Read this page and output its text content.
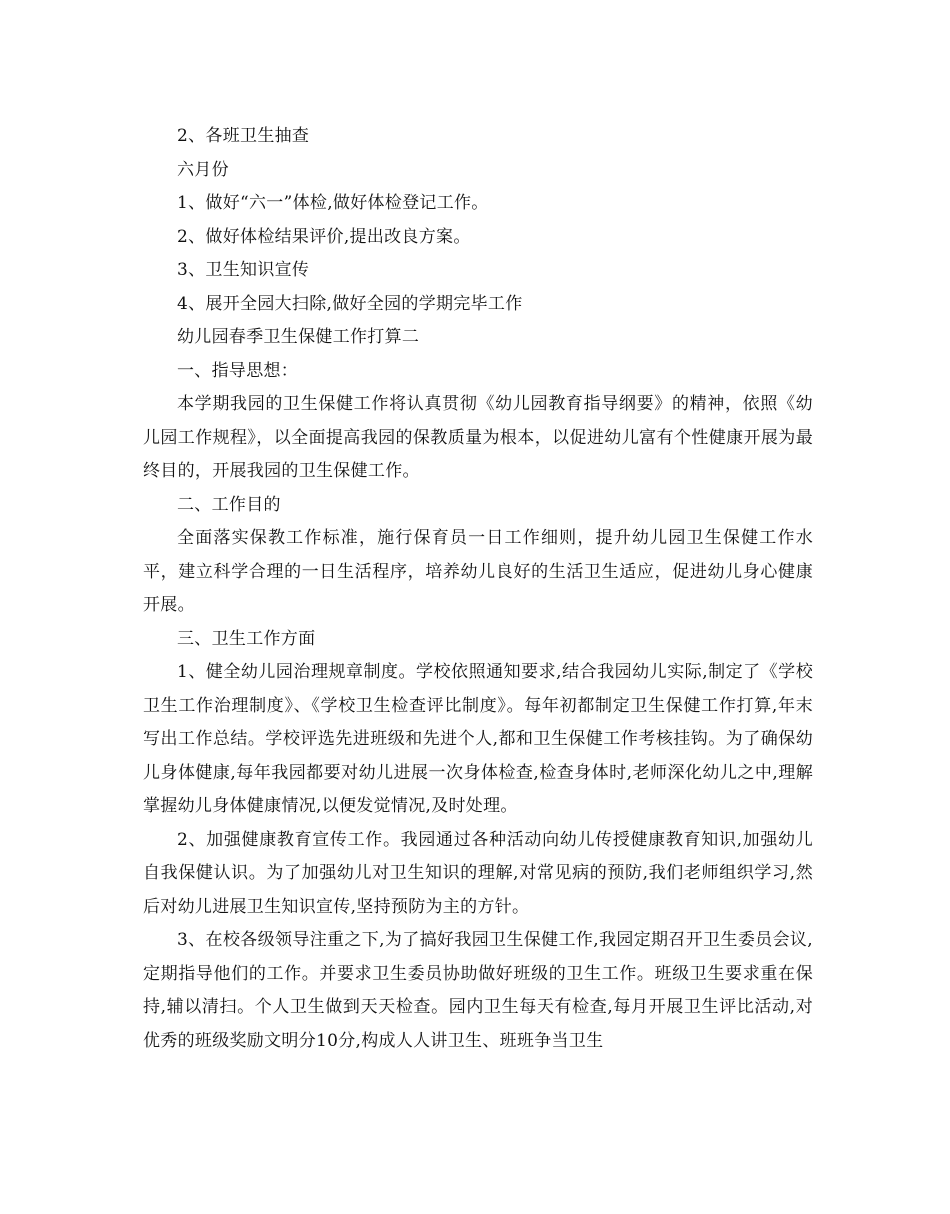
2、各班卫生抽查

六月份

1、做好“六一”体检,做好体检登记工作。

2、做好体检结果评价,提出改良方案。

3、卫生知识宣传

4、展开全园大扫除,做好全园的学期完毕工作

幼儿园春季卫生保健工作打算二

一、指导思想：

本学期我园的卫生保健工作将认真贯彻《幼儿园教育指导纲要》的精神，依照《幼儿园工作规程》，以全面提高我园的保教质量为根本，以促进幼儿富有个性健康开展为最终目的，开展我园的卫生保健工作。

二、工作目的

全面落实保教工作标准，施行保育员一日工作细则，提升幼儿园卫生保健工作水平，建立科学合理的一日生活程序，培养幼儿良好的生活卫生适应，促进幼儿身心健康开展。

三、卫生工作方面

1、健全幼儿园治理规章制度。学校依照通知要求,结合我园幼儿实际,制定了《学校卫生工作治理制度》、《学校卫生检查评比制度》。每年初都制定卫生保健工作打算,年末写出工作总结。学校评选先进班级和先进个人,都和卫生保健工作考核挂钩。为了确保幼儿身体健康,每年我园都要对幼儿进展一次身体检查,检查身体时,老师深化幼儿之中,理解掌握幼儿身体健康情况,以便发觉情况,及时处理。

2、加强健康教育宣传工作。我园通过各种活动向幼儿传授健康教育知识,加强幼儿自我保健认识。为了加强幼儿对卫生知识的理解,对常见病的预防,我们老师组织学习,然后对幼儿进展卫生知识宣传,坚持预防为主的方针。

3、在校各级领导注重之下,为了搞好我园卫生保健工作,我园定期召开卫生委员会议,定期指导他们的工作。并要求卫生委员协助做好班级的卫生工作。班级卫生要求重在保持,辅以清扫。个人卫生做到天天检查。园内卫生每天有检查,每月开展卫生评比活动,对优秀的班级奖励文明分10分,构成人人讲卫生、班班争当卫生
